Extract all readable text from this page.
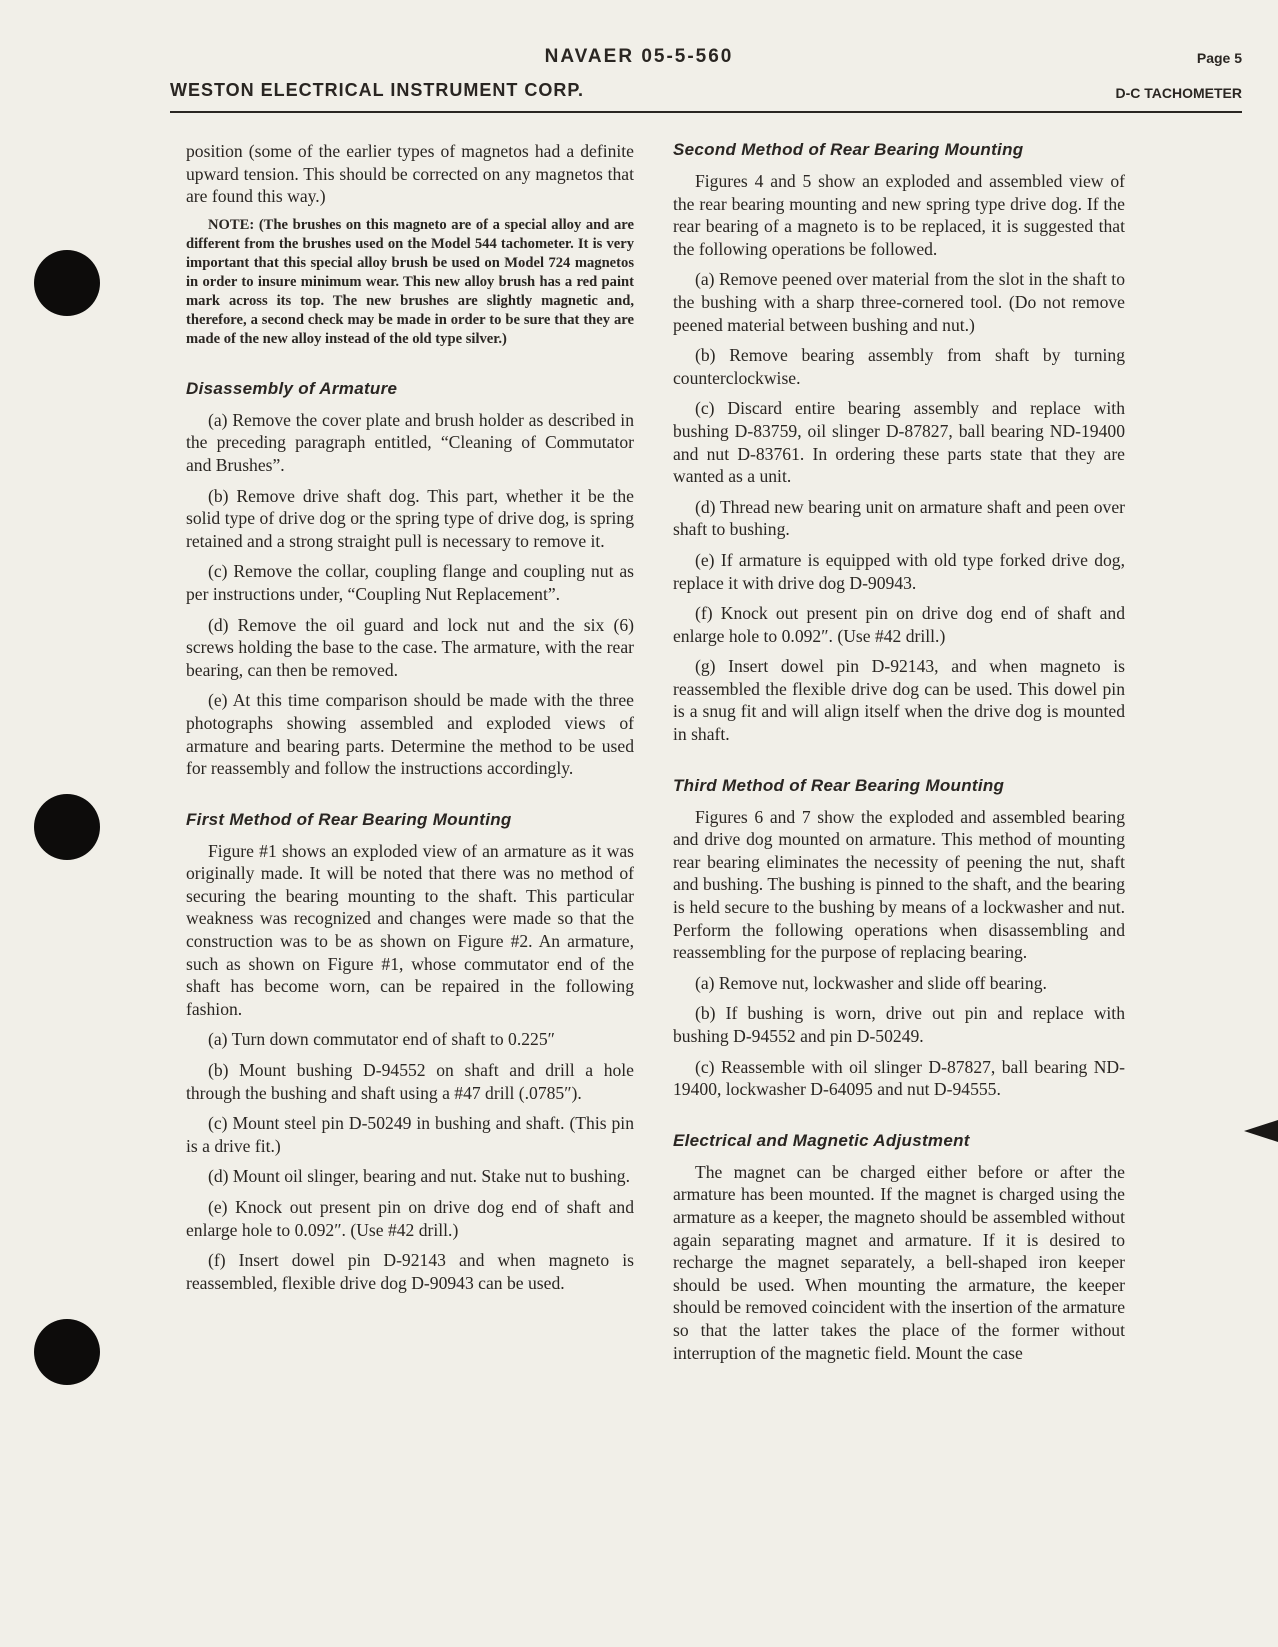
NAVAER 05-5-560	Page 5
WESTON ELECTRICAL INSTRUMENT CORP.	D-C TACHOMETER

position (some of the earlier types of magnetos had a definite upward tension. This should be corrected on any magnetos that are found this way.)

NOTE: (The brushes on this magneto are of a special alloy and are different from the brushes used on the Model 544 tachometer. It is very important that this special alloy brush be used on Model 724 magnetos in order to insure minimum wear. This new alloy brush has a red paint mark across its top. The new brushes are slightly magnetic and, therefore, a second check may be made in order to be sure that they are made of the new alloy instead of the old type silver.)

Disassembly of Armature

(a) Remove the cover plate and brush holder as described in the preceding paragraph entitled, “Cleaning of Commutator and Brushes”.

(b) Remove drive shaft dog. This part, whether it be the solid type of drive dog or the spring type of drive dog, is spring retained and a strong straight pull is necessary to remove it.

(c) Remove the collar, coupling flange and coupling nut as per instructions under, “Coupling Nut Replacement”.

(d) Remove the oil guard and lock nut and the six (6) screws holding the base to the case. The armature, with the rear bearing, can then be removed.

(e) At this time comparison should be made with the three photographs showing assembled and exploded views of armature and bearing parts. Determine the method to be used for reassembly and follow the instructions accordingly.

First Method of Rear Bearing Mounting

Figure #1 shows an exploded view of an armature as it was originally made. It will be noted that there was no method of securing the bearing mounting to the shaft. This particular weakness was recognized and changes were made so that the construction was to be as shown on Figure #2. An armature, such as shown on Figure #1, whose commutator end of the shaft has become worn, can be repaired in the following fashion.

(a) Turn down commutator end of shaft to 0.225″

(b) Mount bushing D-94552 on shaft and drill a hole through the bushing and shaft using a #47 drill (.0785″).

(c) Mount steel pin D-50249 in bushing and shaft. (This pin is a drive fit.)

(d) Mount oil slinger, bearing and nut. Stake nut to bushing.

(e) Knock out present pin on drive dog end of shaft and enlarge hole to 0.092″. (Use #42 drill.)

(f) Insert dowel pin D-92143 and when magneto is reassembled, flexible drive dog D-90943 can be used.

Second Method of Rear Bearing Mounting

Figures 4 and 5 show an exploded and assembled view of the rear bearing mounting and new spring type drive dog. If the rear bearing of a magneto is to be replaced, it is suggested that the following operations be followed.

(a) Remove peened over material from the slot in the shaft to the bushing with a sharp three-cornered tool. (Do not remove peened material between bushing and nut.)

(b) Remove bearing assembly from shaft by turning counterclockwise.

(c) Discard entire bearing assembly and replace with bushing D-83759, oil slinger D-87827, ball bearing ND-19400 and nut D-83761. In ordering these parts state that they are wanted as a unit.

(d) Thread new bearing unit on armature shaft and peen over shaft to bushing.

(e) If armature is equipped with old type forked drive dog, replace it with drive dog D-90943.

(f) Knock out present pin on drive dog end of shaft and enlarge hole to 0.092″. (Use #42 drill.)

(g) Insert dowel pin D-92143, and when magneto is reassembled the flexible drive dog can be used. This dowel pin is a snug fit and will align itself when the drive dog is mounted in shaft.

Third Method of Rear Bearing Mounting

Figures 6 and 7 show the exploded and assembled bearing and drive dog mounted on armature. This method of mounting rear bearing eliminates the necessity of peening the nut, shaft and bushing. The bushing is pinned to the shaft, and the bearing is held secure to the bushing by means of a lockwasher and nut. Perform the following operations when disassembling and reassembling for the purpose of replacing bearing.

(a) Remove nut, lockwasher and slide off bearing.

(b) If bushing is worn, drive out pin and replace with bushing D-94552 and pin D-50249.

(c) Reassemble with oil slinger D-87827, ball bearing ND-19400, lockwasher D-64095 and nut D-94555.

Electrical and Magnetic Adjustment

The magnet can be charged either before or after the armature has been mounted. If the magnet is charged using the armature as a keeper, the magneto should be assembled without again separating magnet and armature. If it is desired to recharge the magnet separately, a bell-shaped iron keeper should be used. When mounting the armature, the keeper should be removed coincident with the insertion of the armature so that the latter takes the place of the former without interruption of the magnetic field. Mount the case
